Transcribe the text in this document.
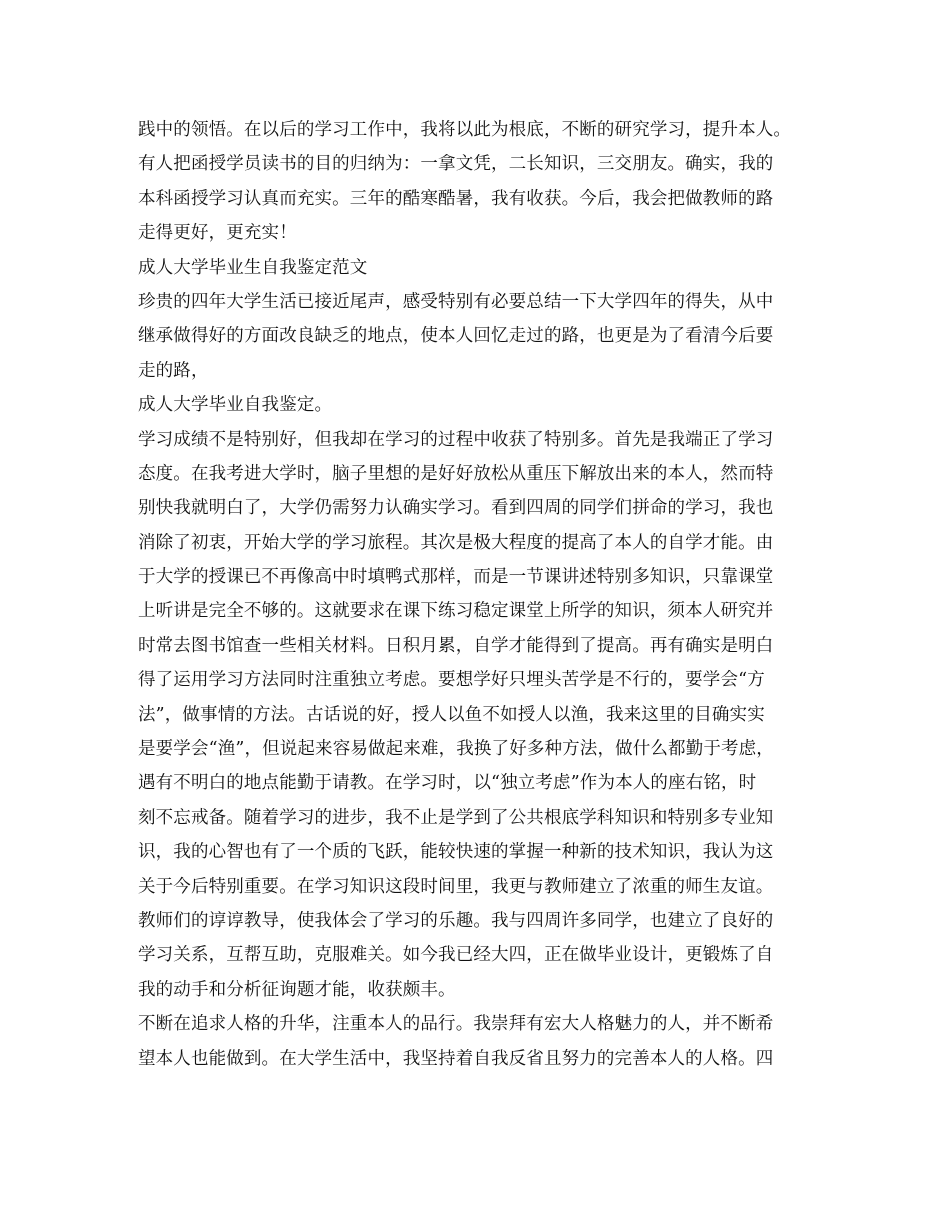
践中的领悟。在以后的学习工作中，我将以此为根底，不断的研究学习，提升本人。
有人把函授学员读书的目的归纳为：一拿文凭，二长知识，三交朋友。确实，我的
本科函授学习认真而充实。三年的酷寒酷暑，我有收获。今后，我会把做教师的路
走得更好，更充实！
成人大学毕业生自我鉴定范文
珍贵的四年大学生活已接近尾声，感受特别有必要总结一下大学四年的得失，从中
继承做得好的方面改良缺乏的地点，使本人回忆走过的路，也更是为了看清今后要
走的路，
成人大学毕业自我鉴定。
学习成绩不是特别好，但我却在学习的过程中收获了特别多。首先是我端正了学习
态度。在我考进大学时，脑子里想的是好好放松从重压下解放出来的本人，然而特
别快我就明白了，大学仍需努力认确实学习。看到四周的同学们拼命的学习，我也
消除了初衷，开始大学的学习旅程。其次是极大程度的提高了本人的自学才能。由
于大学的授课已不再像高中时填鸭式那样，而是一节课讲述特别多知识，只靠课堂
上听讲是完全不够的。这就要求在课下练习稳定课堂上所学的知识，须本人研究并
时常去图书馆查一些相关材料。日积月累，自学才能得到了提高。再有确实是明白
得了运用学习方法同时注重独立考虑。要想学好只埋头苦学是不行的，要学会“方
法”，做事情的方法。古话说的好，授人以鱼不如授人以渔，我来这里的目确实实
是要学会“渔”，但说起来容易做起来难，我换了好多种方法，做什么都勤于考虑，
遇有不明白的地点能勤于请教。在学习时，以“独立考虑”作为本人的座右铭，时
刻不忘戒备。随着学习的进步，我不止是学到了公共根底学科知识和特别多专业知
识，我的心智也有了一个质的飞跃，能较快速的掌握一种新的技术知识，我认为这
关于今后特别重要。在学习知识这段时间里，我更与教师建立了浓重的师生友谊。
教师们的谆谆教导，使我体会了学习的乐趣。我与四周许多同学，也建立了良好的
学习关系，互帮互助，克服难关。如今我已经大四，正在做毕业设计，更锻炼了自
我的动手和分析征询题才能，收获颇丰。
不断在追求人格的升华，注重本人的品行。我崇拜有宏大人格魅力的人，并不断希
望本人也能做到。在大学生活中，我坚持着自我反省且努力的完善本人的人格。四
